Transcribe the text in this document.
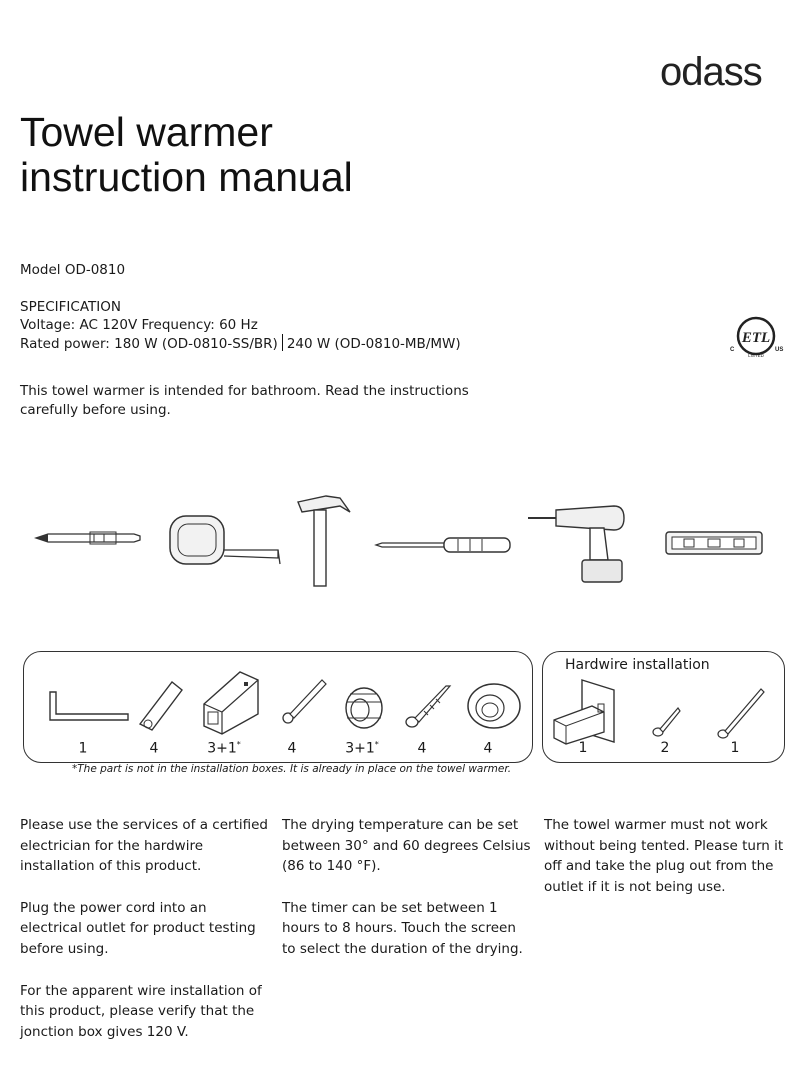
odass
Towel warmer instruction manual
Model OD-0810
SPECIFICATION
Voltage: AC 120V Frequency: 60 Hz
Rated power: 180 W (OD-0810-SS/BR) 240 W (OD-0810-MB/MW)	ETL
C	US
LISTED
This towel warmer is intended for bathroom. Read the instructions carefully before using.
Hardwire installation
1	4	3+1*	4	3+1*	4	4	1	2	1
*The part is not in the installation boxes. It is already in place on the towel warmer.

Please use the services of a certified electrician for the hardwire installation of this product.

Plug the power cord into an electrical outlet for product testing before using.

For the apparent wire installation of this product, please verify that the jonction box gives 120 V.

The drying temperature can be set between 30° and 60 degrees Celsius (86 to 140 °F).

The timer can be set between 1 hours to 8 hours. Touch the screen to select the duration of the drying.

The towel warmer must not work without being tented. Please turn it off and take the plug out from the outlet if it is not being use.
